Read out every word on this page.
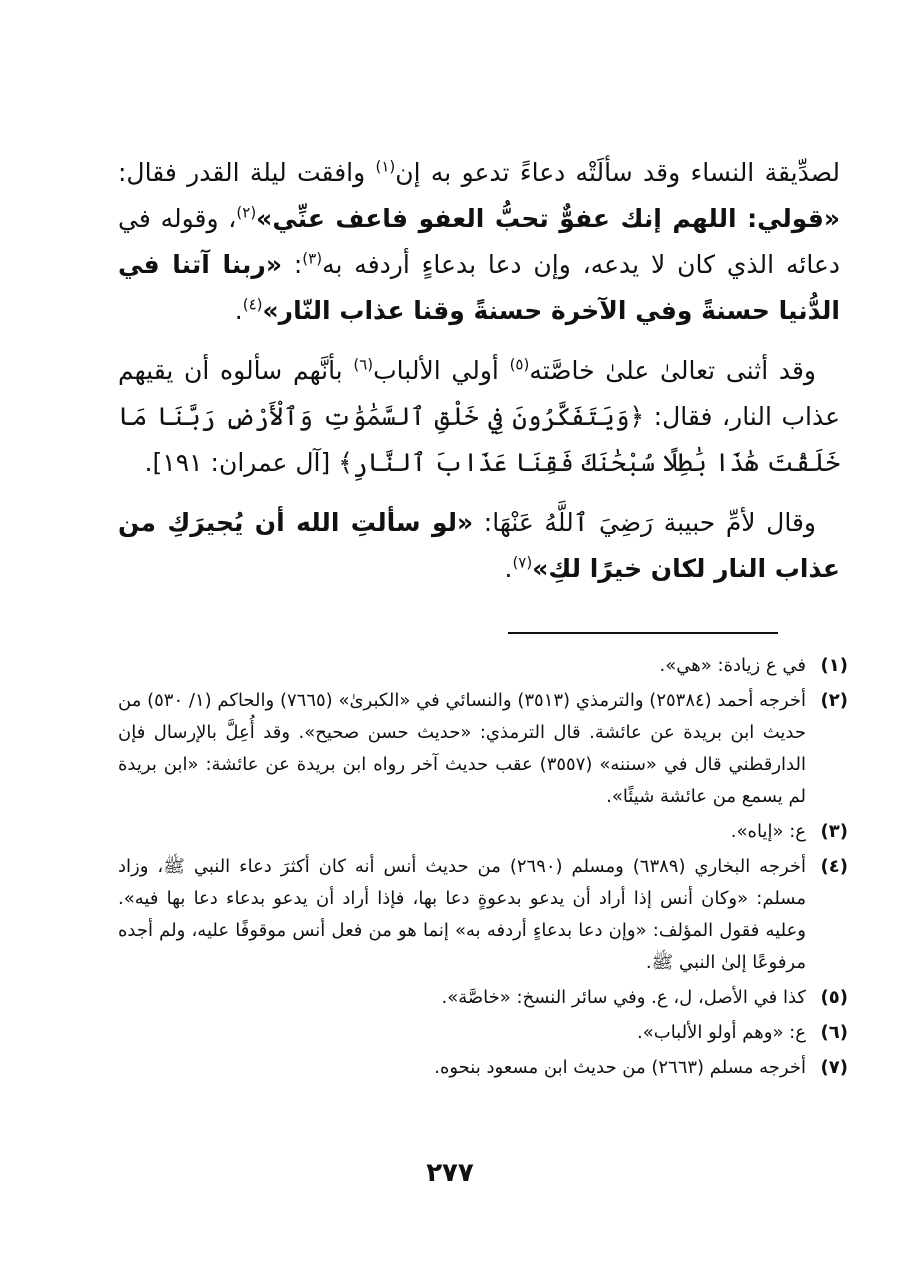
لصدِّيقة النساء وقد سألَتْه دعاءً تدعو به إن$^{(١)}$ وافقت ليلة القدر فقال: «قولي: اللهم إنك عفوٌّ تحبُّ العفو فاعف عنِّي»$^{(٢)}$، وقوله في دعائه الذي كان لا يدعه، وإن دعا بدعاءٍ أردفه به$^{(٣)}$: «ربنا آتنا في الدُّنيا حسنةً وفي الآخرة حسنةً وقنا عذاب النّار»$^{(٤)}$.

وقد أثنى تعالىٰ علىٰ خاصَّته$^{(٥)}$ أولي الألباب$^{(٦)}$ بأنَّهم سألوه أن يقيهم عذاب النار، فقال: ﴿وَيَتَفَكَّرُونَ فِي خَلْقِ ٱلسَّمَٰوَٰتِ وَٱلْأَرْضِ رَبَّنَا مَا خَلَقْتَ هَٰذَا بَٰطِلًا سُبْحَٰنَكَ فَقِنَا عَذَابَ ٱلنَّارِ﴾ [آل عمران: ١٩١].

وقال لأمِّ حبيبة رَضِيَ ٱللَّهُ عَنْهَا: «لو سألتِ الله أن يُجيرَكِ من عذاب النار لكان خيرًا لكِ»$^{(٧)}$.

(١)
في ع زيادة: «هي».
(٢)
أخرجه أحمد (٢٥٣٨٤) والترمذي (٣٥١٣) والنسائي في «الكبرىٰ» (٧٦٦٥) والحاكم (١/ ٥٣٠) من حديث ابن بريدة عن عائشة. قال الترمذي: «حديث حسن صحيح». وقد أُعِلَّ بالإرسال فإن الدارقطني قال في «سننه» (٣٥٥٧) عقب حديث آخر رواه ابن بريدة عن عائشة: «ابن بريدة لم يسمع من عائشة شيئًا».
(٣)
ع: «إياه».
(٤)
أخرجه البخاري (٦٣٨٩) ومسلم (٢٦٩٠) من حديث أنس أنه كان أكثرَ دعاء النبي ﷺ، وزاد مسلم: «وكان أنس إذا أراد أن يدعو بدعوةٍ دعا بها، فإذا أراد أن يدعو بدعاء دعا بها فيه». وعليه فقول المؤلف: «وإن دعا بدعاءٍ أردفه به» إنما هو من فعل أنس موقوفًا عليه، ولم أجده مرفوعًا إلىٰ النبي ﷺ.
(٥)
كذا في الأصل، ل، ع. وفي سائر النسخ: «خاصَّة».
(٦)
ع: «وهم أولو الألباب».
(٧)
أخرجه مسلم (٢٦٦٣) من حديث ابن مسعود بنحوه.
٢٧٧
